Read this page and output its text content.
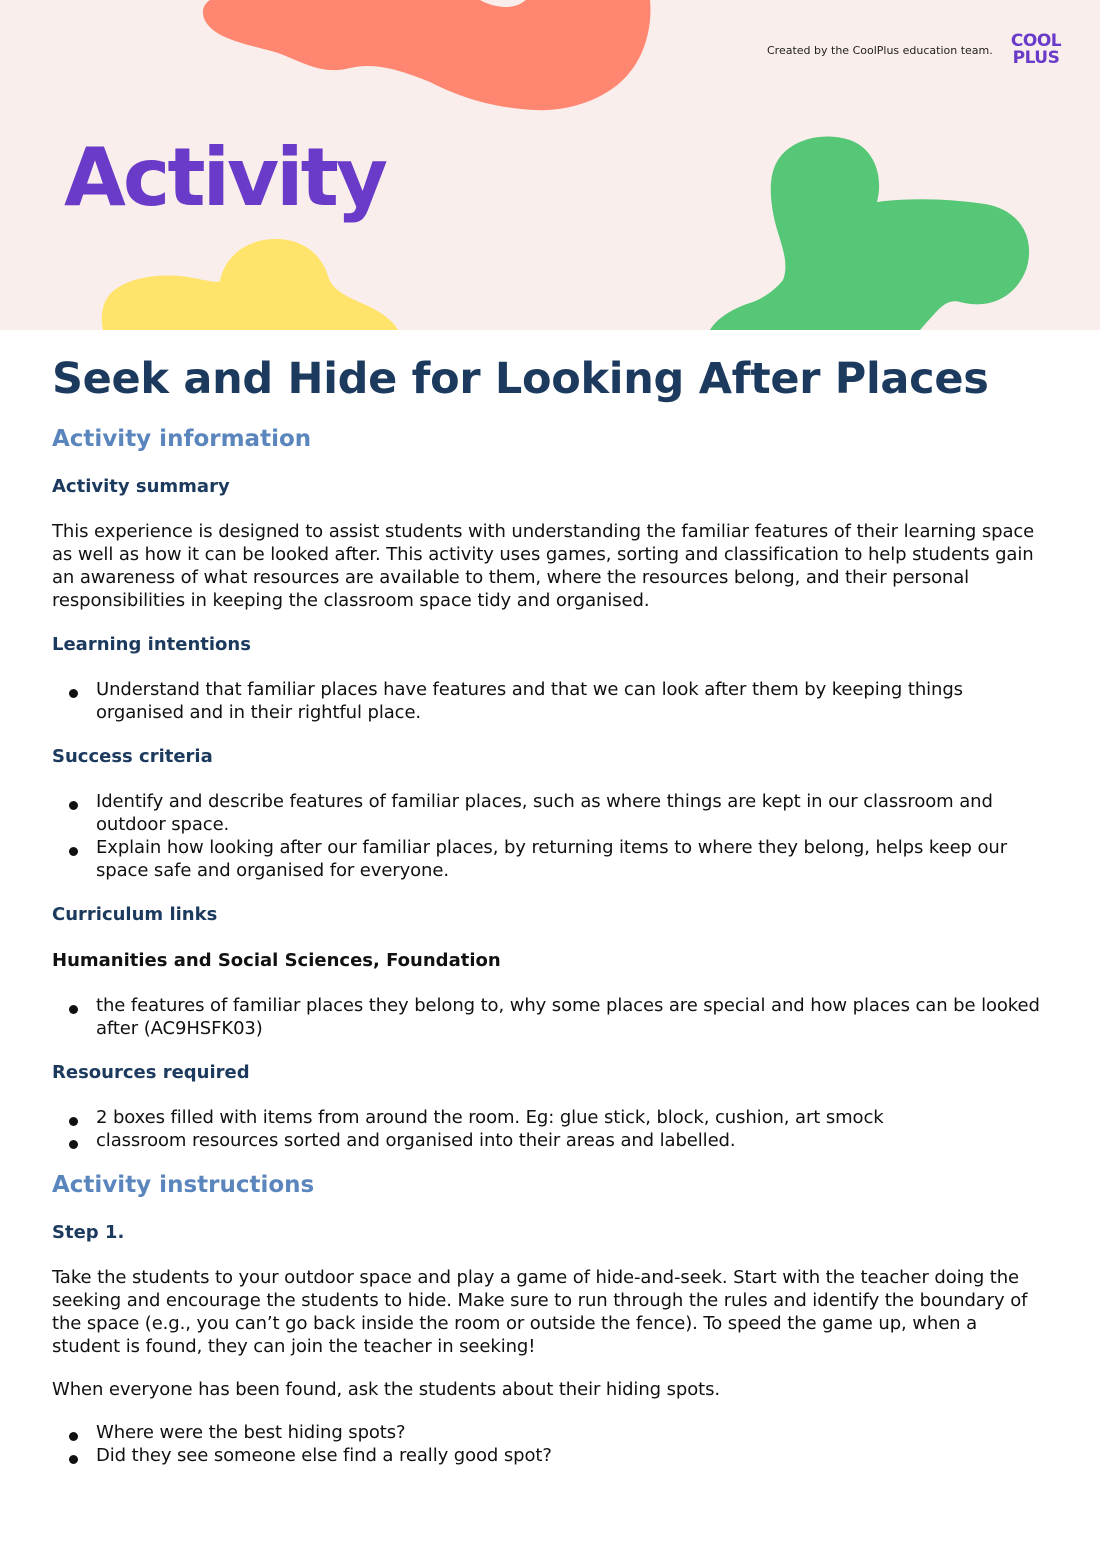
Created by the CoolPlus education team.	COOL
PLUS
Activity
Seek and Hide for Looking After Places
Activity information
Activity summary

This experience is designed to assist students with understanding the familiar features of their learning space as well as how it can be looked after. This activity uses games, sorting and classification to help students gain an awareness of what resources are available to them, where the resources belong, and their personal responsibilities in keeping the classroom space tidy and organised.

Learning intentions
Understand that familiar places have features and that we can look after them by keeping things organised and in their rightful place.
Success criteria
Identify and describe features of familiar places, such as where things are kept in our classroom and outdoor space.
Explain how looking after our familiar places, by returning items to where they belong, helps keep our space safe and organised for everyone.
Curriculum links
Humanities and Social Sciences, Foundation
the features of familiar places they belong to, why some places are special and how places can be looked after (AC9HSFK03)
Resources required
2 boxes filled with items from around the room. Eg: glue stick, block, cushion, art smock
classroom resources sorted and organised into their areas and labelled.
Activity instructions
Step 1.

Take the students to your outdoor space and play a game of hide-and-seek. Start with the teacher doing the seeking and encourage the students to hide. Make sure to run through the rules and identify the boundary of the space (e.g., you can’t go back inside the room or outside the fence). To speed the game up, when a student is found, they can join the teacher in seeking!

When everyone has been found, ask the students about their hiding spots.

Where were the best hiding spots?
Did they see someone else find a really good spot?
